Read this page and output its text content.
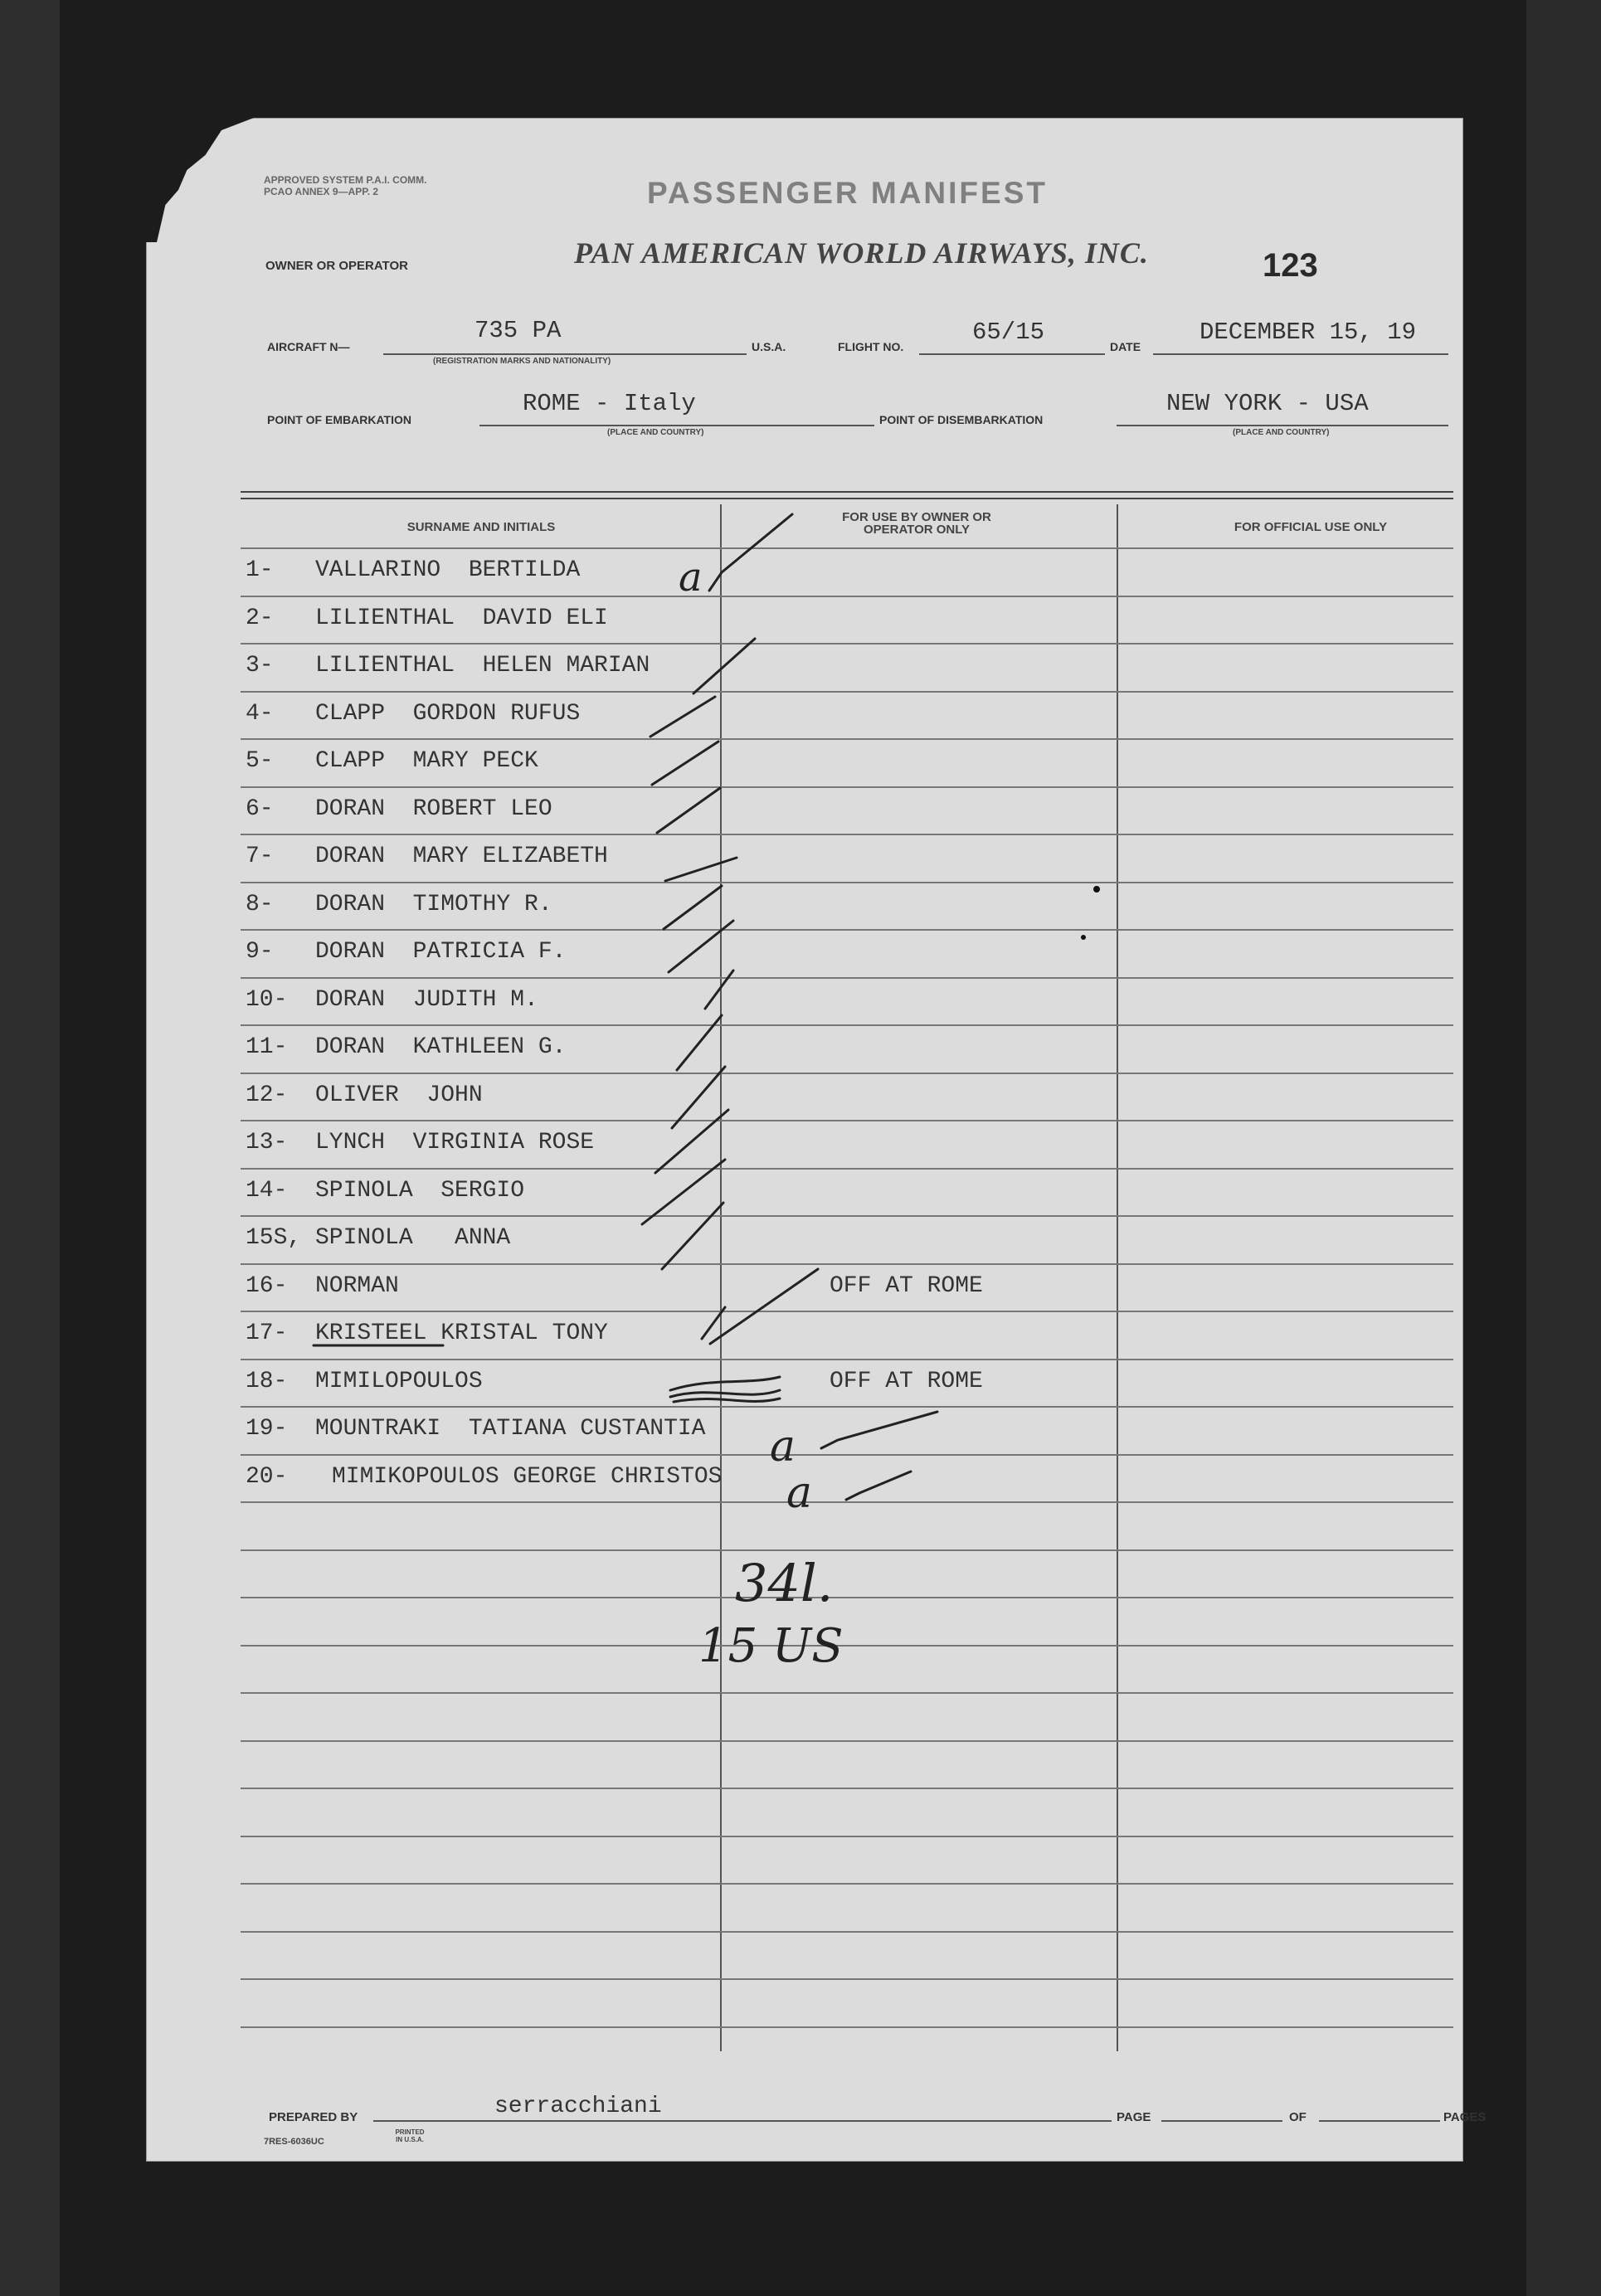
APPROVED SYSTEM P.A.I. COMM. PCAO ANNEX 9—APP. 2	PASSENGER MANIFEST
OWNER OR OPERATOR	PAN AMERICAN WORLD AIRWAYS, INC.	123
AIRCRAFT N—
735 PA
(REGISTRATION MARKS AND NATIONALITY)
U.S.A.	FLIGHT NO.
65/15
DATE
DECEMBER 15, 19
POINT OF EMBARKATION
ROME - Italy
(PLACE AND COUNTRY)
POINT OF DISEMBARKATION
NEW YORK - USA
(PLACE AND COUNTRY)
SURNAME AND INITIALS
FOR USE BY OWNER OR OPERATOR ONLY	FOR OFFICIAL USE ONLY
1- VALLARINO  BERTILDA
2- LILIENTHAL  DAVID ELI
3- LILIENTHAL  HELEN MARIAN
4- CLAPP  GORDON RUFUS
5- CLAPP  MARY PECK
6- DORAN  ROBERT LEO
7- DORAN  MARY ELIZABETH
8- DORAN  TIMOTHY R.
9- DORAN  PATRICIA F.
10- DORAN  JUDITH M.
11- DORAN  KATHLEEN G.
12- OLIVER  JOHN
13- LYNCH  VIRGINIA ROSE
14- SPINOLA  SERGIO
15S, SPINOLA   ANNA
16- NORMAN	OFF AT ROME
17- KRISTEEL KRISTAL TONY
18- MIMILOPOULOS	OFF AT ROME
19- MOUNTRAKI  TATIANA CUSTANTIA
20- MIMIKOPOULOS GEORGE CHRISTOS
a
a
a
34l.
15 US
PREPARED BY	serracchiani	PAGE	OF	PAGES
7RES-6036UC
PRINTED IN U.S.A.
